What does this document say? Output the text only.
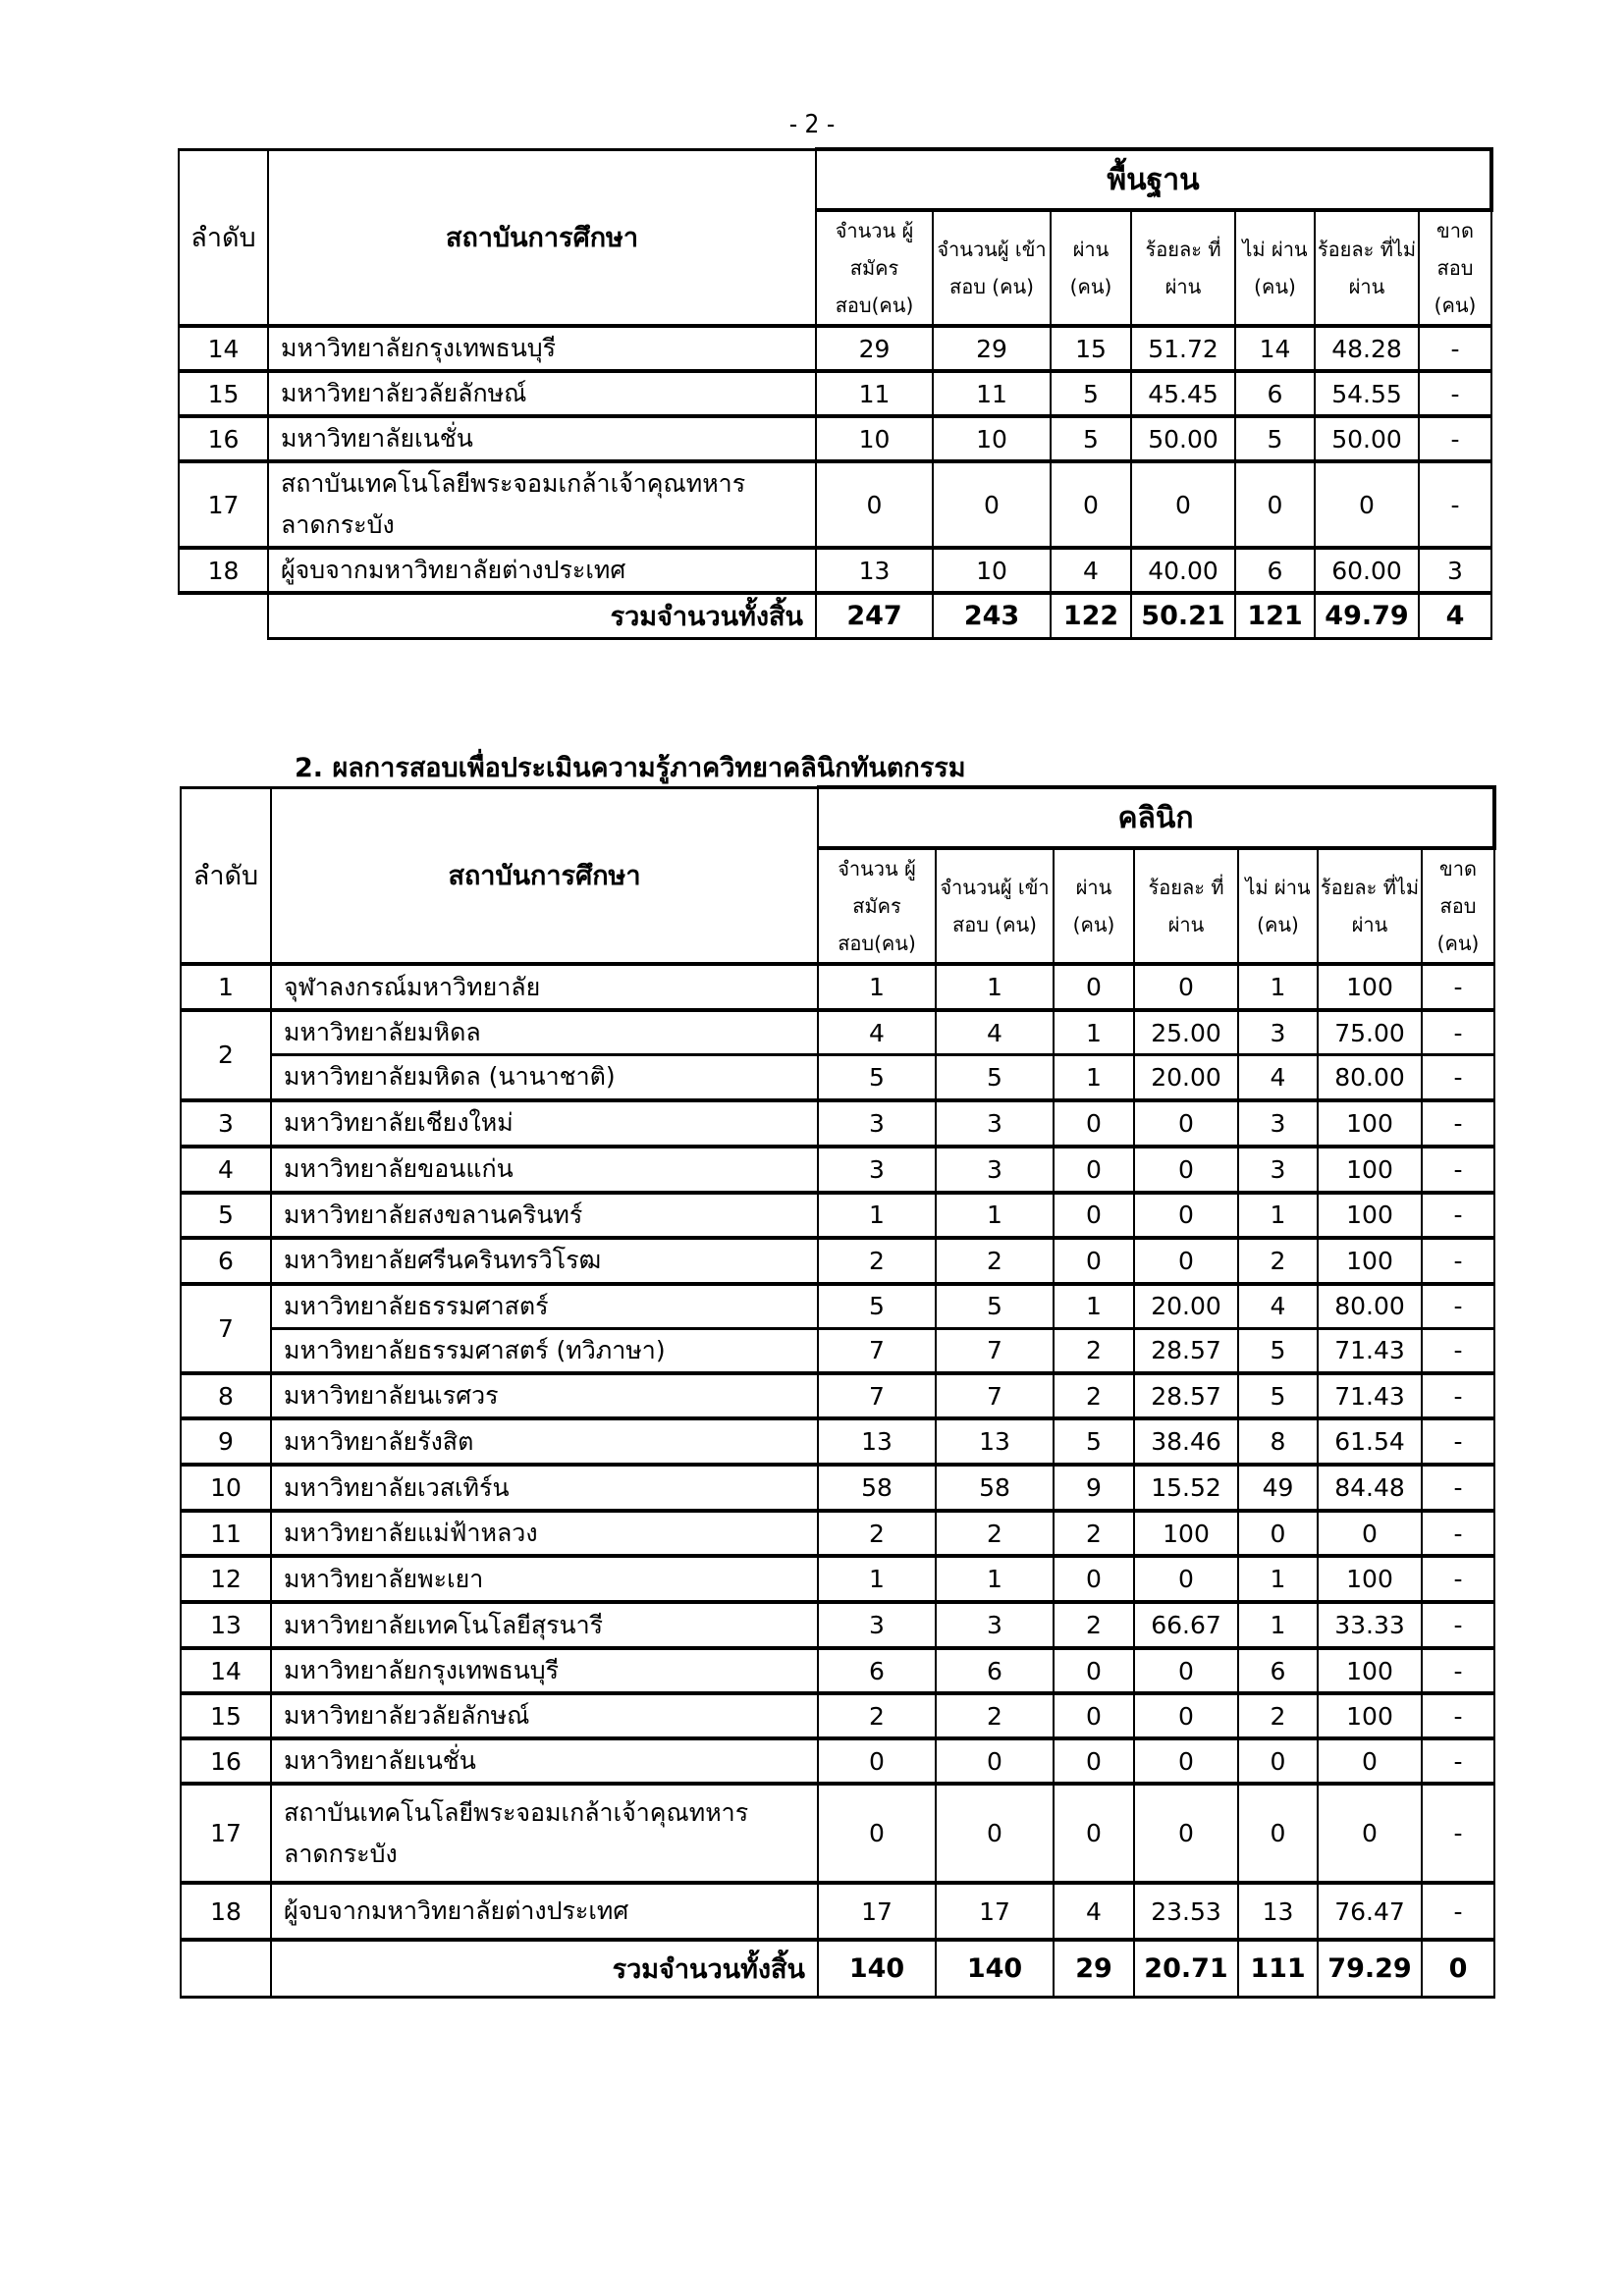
- 2 -
ลำดับ	สถาบันการศึกษา	พื้นฐาน						
		จำนวน ผู้สมัคร สอบ(คน)	จำนวนผู้ เข้าสอบ (คน)	ผ่าน (คน)	ร้อยละ ที่ผ่าน	ไม่ ผ่าน (คน)	ร้อยละ ที่ไม่ ผ่าน	ขาด สอบ (คน)
14	มหาวิทยาลัยกรุงเทพธนบุรี	29	29	15	51.72	14	48.28	-
15	มหาวิทยาลัยวลัยลักษณ์	11	11	5	45.45	6	54.55	-
16	มหาวิทยาลัยเนชั่น	10	10	5	50.00	5	50.00	-
17	สถาบันเทคโนโลยีพระจอมเกล้าเจ้าคุณทหาร ลาดกระบัง	0	0	0	0	0	0	-
18	ผู้จบจากมหาวิทยาลัยต่างประเทศ	13	10	4	40.00	6	60.00	3
	รวมจำนวนทั้งสิ้น	247	243	122	50.21	121	49.79	4
2. ผลการสอบเพื่อประเมินความรู้ภาควิทยาคลินิกทันตกรรม
ลำดับ	สถาบันการศึกษา	คลินิก						
		จำนวน ผู้สมัคร สอบ(คน)	จำนวนผู้ เข้าสอบ (คน)	ผ่าน (คน)	ร้อยละ ที่ผ่าน	ไม่ ผ่าน (คน)	ร้อยละ ที่ไม่ ผ่าน	ขาด สอบ (คน)
1	จุฬาลงกรณ์มหาวิทยาลัย	1	1	0	0	1	100	-
2	มหาวิทยาลัยมหิดล	4	4	1	25.00	3	75.00	-
	มหาวิทยาลัยมหิดล (นานาชาติ)	5	5	1	20.00	4	80.00	-
3	มหาวิทยาลัยเชียงใหม่	3	3	0	0	3	100	-
4	มหาวิทยาลัยขอนแก่น	3	3	0	0	3	100	-
5	มหาวิทยาลัยสงขลานครินทร์	1	1	0	0	1	100	-
6	มหาวิทยาลัยศรีนครินทรวิโรฒ	2	2	0	0	2	100	-
7	มหาวิทยาลัยธรรมศาสตร์	5	5	1	20.00	4	80.00	-
	มหาวิทยาลัยธรรมศาสตร์ (ทวิภาษา)	7	7	2	28.57	5	71.43	-
8	มหาวิทยาลัยนเรศวร	7	7	2	28.57	5	71.43	-
9	มหาวิทยาลัยรังสิต	13	13	5	38.46	8	61.54	-
10	มหาวิทยาลัยเวสเทิร์น	58	58	9	15.52	49	84.48	-
11	มหาวิทยาลัยแม่ฟ้าหลวง	2	2	2	100	0	0	-
12	มหาวิทยาลัยพะเยา	1	1	0	0	1	100	-
13	มหาวิทยาลัยเทคโนโลยีสุรนารี	3	3	2	66.67	1	33.33	-
14	มหาวิทยาลัยกรุงเทพธนบุรี	6	6	0	0	6	100	-
15	มหาวิทยาลัยวลัยลักษณ์	2	2	0	0	2	100	-
16	มหาวิทยาลัยเนชั่น	0	0	0	0	0	0	-
17	สถาบันเทคโนโลยีพระจอมเกล้าเจ้าคุณทหาร ลาดกระบัง	0	0	0	0	0	0	-
18	ผู้จบจากมหาวิทยาลัยต่างประเทศ	17	17	4	23.53	13	76.47	-
	รวมจำนวนทั้งสิ้น	140	140	29	20.71	111	79.29	0
